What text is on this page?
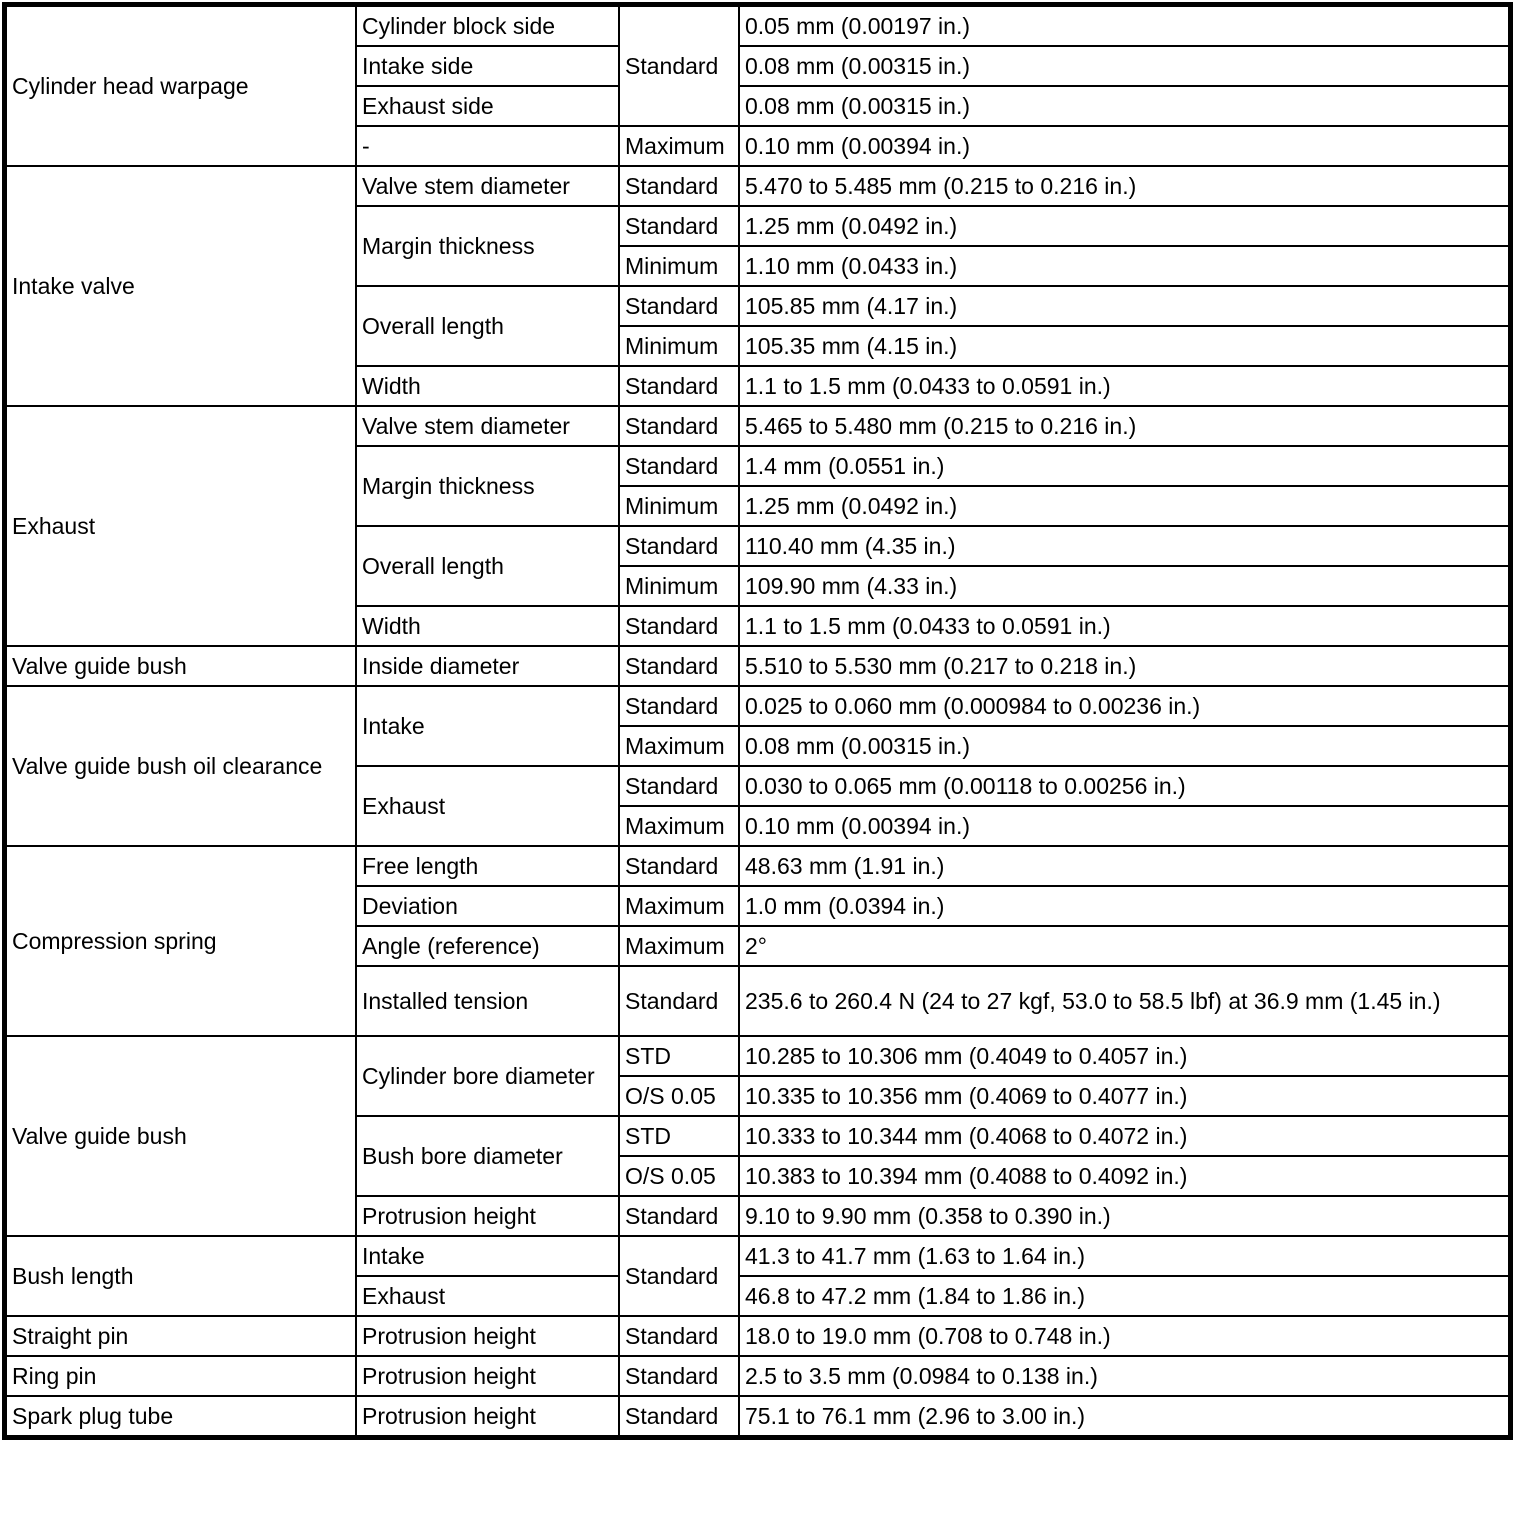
Cylinder head warpage	Cylinder block side	Standard	0.05 mm (0.00197 in.)
	Intake side		0.08 mm (0.00315 in.)
	Exhaust side		0.08 mm (0.00315 in.)
	-	Maximum	0.10 mm (0.00394 in.)
Intake valve	Valve stem diameter	Standard	5.470 to 5.485 mm (0.215 to 0.216 in.)
	Margin thickness	Standard	1.25 mm (0.0492 in.)
		Minimum	1.10 mm (0.0433 in.)
	Overall length	Standard	105.85 mm (4.17 in.)
		Minimum	105.35 mm (4.15 in.)
	Width	Standard	1.1 to 1.5 mm (0.0433 to 0.0591 in.)
Exhaust	Valve stem diameter	Standard	5.465 to 5.480 mm (0.215 to 0.216 in.)
	Margin thickness	Standard	1.4 mm (0.0551 in.)
		Minimum	1.25 mm (0.0492 in.)
	Overall length	Standard	110.40 mm (4.35 in.)
		Minimum	109.90 mm (4.33 in.)
	Width	Standard	1.1 to 1.5 mm (0.0433 to 0.0591 in.)
Valve guide bush	Inside diameter	Standard	5.510 to 5.530 mm (0.217 to 0.218 in.)
Valve guide bush oil clearance	Intake	Standard	0.025 to 0.060 mm (0.000984 to 0.00236 in.)
		Maximum	0.08 mm (0.00315 in.)
	Exhaust	Standard	0.030 to 0.065 mm (0.00118 to 0.00256 in.)
		Maximum	0.10 mm (0.00394 in.)
Compression spring	Free length	Standard	48.63 mm (1.91 in.)
	Deviation	Maximum	1.0 mm (0.0394 in.)
	Angle (reference)	Maximum	2°
	Installed tension	Standard	235.6 to 260.4 N (24 to 27 kgf, 53.0 to 58.5 lbf) at 36.9 mm (1.45 in.)
Valve guide bush	Cylinder bore diameter	STD	10.285 to 10.306 mm (0.4049 to 0.4057 in.)
		O/S 0.05	10.335 to 10.356 mm (0.4069 to 0.4077 in.)
	Bush bore diameter	STD	10.333 to 10.344 mm (0.4068 to 0.4072 in.)
		O/S 0.05	10.383 to 10.394 mm (0.4088 to 0.4092 in.)
	Protrusion height	Standard	9.10 to 9.90 mm (0.358 to 0.390 in.)
Bush length	Intake	Standard	41.3 to 41.7 mm (1.63 to 1.64 in.)
	Exhaust		46.8 to 47.2 mm (1.84 to 1.86 in.)
Straight pin	Protrusion height	Standard	18.0 to 19.0 mm (0.708 to 0.748 in.)
Ring pin	Protrusion height	Standard	2.5 to 3.5 mm (0.0984 to 0.138 in.)
Spark plug tube	Protrusion height	Standard	75.1 to 76.1 mm (2.96 to 3.00 in.)
